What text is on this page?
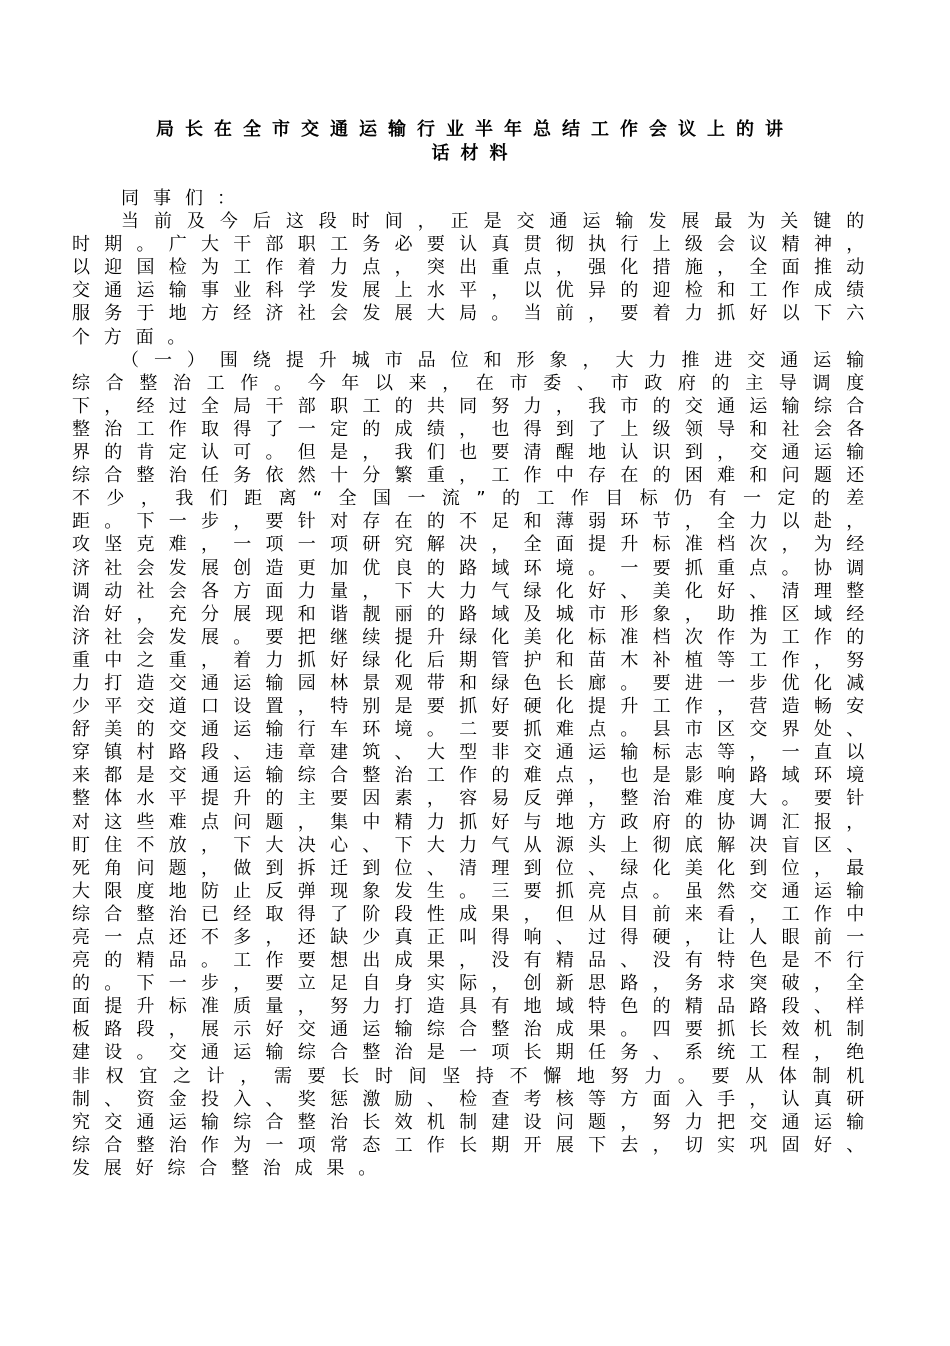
局长在全市交通运输行业半年总结工作会议上的讲
话材料

同事们：

当前及今后这段时间，正是交通运输发展最为关键的时期。广大干部职工务必要认真贯彻执行上级会议精神，以迎国检为工作着力点，突出重点，强化措施，全面推动交通运输事业科学发展上水平，以优异的迎检和工作成绩服务于地方经济社会发展大局。当前，要着力抓好以下六个方面。

（一）围绕提升城市品位和形象，大力推进交通运输综合整治工作。今年以来，在市委、市政府的主导调度下，经过全局干部职工的共同努力，我市的交通运输综合整治工作取得了一定的成绩，也得到了上级领导和社会各界的肯定认可。但是，我们也要清醒地认识到，交通运输综合整治任务依然十分繁重，工作中存在的困难和问题还不少，我们距离“全国一流”的工作目标仍有一定的差距。下一步，要针对存在的不足和薄弱环节，全力以赴，攻坚克难，一项一项研究解决，全面提升标准档次，为经济社会发展创造更加优良的路域环境。一要抓重点。协调调动社会各方面力量，下大力气绿化好、美化好、清理整治好，充分展现和谐靓丽的路域及城市形象，助推区域经济社会发展。要把继续提升绿化美化标准档次作为工作的重中之重，着力抓好绿化后期管护和苗木补植等工作，努力打造交通运输园林景观带和绿色长廊。要进一步优化减少平交道口设置，特别是要抓好硬化提升工作，营造畅安舒美的交通运输行车环境。二要抓难点。县市区交界处、穿镇村路段、违章建筑、大型非交通运输标志等，一直以来都是交通运输综合整治工作的难点，也是影响路域环境整体水平提升的主要因素，容易反弹，整治难度大。要针对这些难点问题，集中精力抓好与地方政府的协调汇报，盯住不放，下大决心、下大力气从源头上彻底解决盲区、死角问题，做到拆迁到位、清理到位、绿化美化到位，最大限度地防止反弹现象发生。三要抓亮点。虽然交通运输综合整治已经取得了阶段性成果，但从目前来看，工作中亮一点还不多，还缺少真正叫得响、过得硬，让人眼前一亮的精品。工作要想出成果，没有精品、没有特色是不行的。下一步，要立足自身实际，创新思路，务求突破，全面提升标准质量，努力打造具有地域特色的精品路段、样板路段，展示好交通运输综合整治成果。四要抓长效机制建设。交通运输综合整治是一项长期任务、系统工程，绝非权宜之计，需要长时间坚持不懈地努力。要从体制机制、资金投入、奖惩激励、检查考核等方面入手，认真研究交通运输综合整治长效机制建设问题，努力把交通运输综合整治作为一项常态工作长期开展下去，切实巩固好、发展好综合整治成果。
